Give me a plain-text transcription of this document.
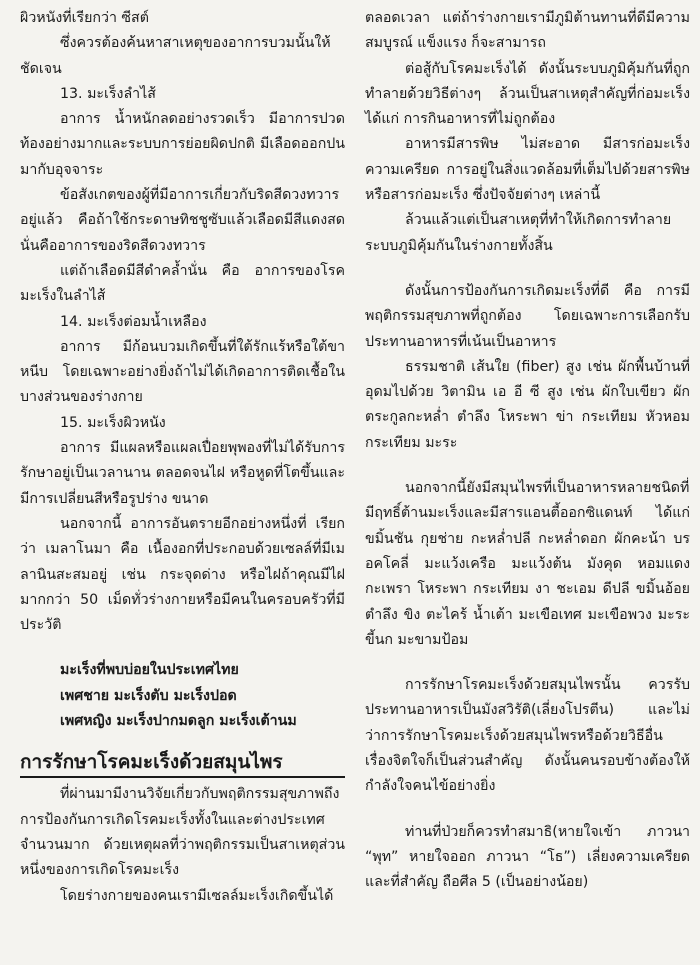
ผิวหนังที่เรียกว่า ซีสต์

ซึ่งควรต้องค้นหาสาเหตุของอาการบวมนั้นให้ชัดเจน

13. มะเร็งลำไส้

อาการ น้ำหนักลดอย่างรวดเร็ว มีอาการปวดท้องอย่างมากและระบบการย่อยผิดปกติ มีเลือดออกปนมากับอุจจาระ

ข้อสังเกตของผู้ที่มีอาการเกี่ยวกับริดสีดวงทวารอยู่แล้ว คือถ้าใช้กระดาษทิชชูซับแล้วเลือดมีสีแดงสด นั่นคืออาการของริดสีดวงทวาร

แต่ถ้าเลือดมีสีดำคล้ำนั่น คือ อาการของโรคมะเร็งในลำไส้

14. มะเร็งต่อมน้ำเหลือง

อาการ มีก้อนบวมเกิดขึ้นที่ใต้รักแร้หรือใต้ขาหนีบ โดยเฉพาะอย่างยิ่งถ้าไม่ได้เกิดอาการติดเชื้อในบางส่วนของร่างกาย

15. มะเร็งผิวหนัง

อาการ มีแผลหรือแผลเปื่อยพุพองที่ไม่ได้รับการรักษาอยู่เป็นเวลานาน ตลอดจนไฝ หรือหูดที่โตขึ้นและมีการเปลี่ยนสีหรือรูปร่าง ขนาด

นอกจากนี้ อาการอันตรายอีกอย่างหนึ่งที่ เรียกว่า เมลาโนมา คือ เนื้องอกที่ประกอบด้วยเซลล์ที่มีเมลานินสะสมอยู่ เช่น กระจุดด่าง หรือไฝถ้าคุณมีไฝมากกว่า 50 เม็ดทั่วร่างกายหรือมีคนในครอบครัวที่มีประวัติ

มะเร็งที่พบบ่อยในประเทศไทย

เพศชาย มะเร็งตับ มะเร็งปอด

เพศหญิง มะเร็งปากมดลูก มะเร็งเต้านม

การรักษาโรคมะเร็งด้วยสมุนไพร

ที่ผ่านมามีงานวิจัยเกี่ยวกับพฤติกรรมสุขภาพถึงการป้องกันการเกิดโรคมะเร็งทั้งในและต่างประเทศจำนวนมาก ด้วยเหตุผลที่ว่าพฤติกรรมเป็นสาเหตุส่วนหนึ่งของการเกิดโรคมะเร็ง

โดยร่างกายของคนเรามีเซลล์มะเร็งเกิดขึ้นได้

ตลอดเวลา แต่ถ้าร่างกายเรามีภูมิต้านทานที่ดีมีความสมบูรณ์ แข็งแรง ก็จะสามารถ

ต่อสู้กับโรคมะเร็งได้ ดังนั้นระบบภูมิคุ้มกันที่ถูกทำลายด้วยวิธีต่างๆ ล้วนเป็นสาเหตุสำคัญที่ก่อมะเร็งได้แก่ การกินอาหารที่ไม่ถูกต้อง

อาหารมีสารพิษ ไม่สะอาด มีสารก่อมะเร็ง ความเครียด การอยู่ในสิ่งแวดล้อมที่เต็มไปด้วยสารพิษหรือสารก่อมะเร็ง ซึ่งปัจจัยต่างๆ เหล่านี้

ล้วนแล้วแต่เป็นสาเหตุที่ทำให้เกิดการทำลายระบบภูมิคุ้มกันในร่างกายทั้งสิ้น

ดังนั้นการป้องกันการเกิดมะเร็งที่ดี คือ การมีพฤติกรรมสุขภาพที่ถูกต้อง โดยเฉพาะการเลือกรับประทานอาหารที่เน้นเป็นอาหาร

ธรรมชาติ เส้นใย (fiber) สูง เช่น ผักพื้นบ้านที่อุดมไปด้วย วิตามิน เอ อี ซี สูง เช่น ผักใบเขียว ผักตระกูลกะหล่ำ ตำลึง โหระพา ข่า กระเทียม หัวหอม กระเทียม มะระ

นอกจากนี้ยังมีสมุนไพรที่เป็นอาหารหลายชนิดที่มีฤทธิ์ต้านมะเร็งและมีสารแอนตี้ออกซิแดนท์ ได้แก่ ขมิ้นชัน กุยช่าย กะหล่ำปลี กะหล่ำดอก ผักคะน้า บรอคโคลี่ มะแว้งเครือ มะแว้งต้น มังคุด หอมแดง กะเพรา โหระพา กระเทียม งา ชะเอม ดีปลี ขมิ้นอ้อย ตำลึง ขิง ตะไคร้ น้ำเต้า มะเขือเทศ มะเขือพวง มะระขี้นก มะขามป้อม

การรักษาโรคมะเร็งด้วยสมุนไพรนั้น ควรรับประทานอาหารเป็นมังสวิรัติ(เลี่ยงโปรตีน) และไม่ว่าการรักษาโรคมะเร็งด้วยสมุนไพรหรือด้วยวิธีอื่นเรื่องจิตใจก็เป็นส่วนสำคัญ ดังนั้นคนรอบข้างต้องให้กำลังใจคนไข้อย่างยิ่ง

ท่านที่ป่วยก็ควรทำสมาธิ(หายใจเข้า ภาวนา “พุท” หายใจออก ภาวนา “โธ”) เลี่ยงความเครียด และที่สำคัญ ถือศีล 5 (เป็นอย่างน้อย)
